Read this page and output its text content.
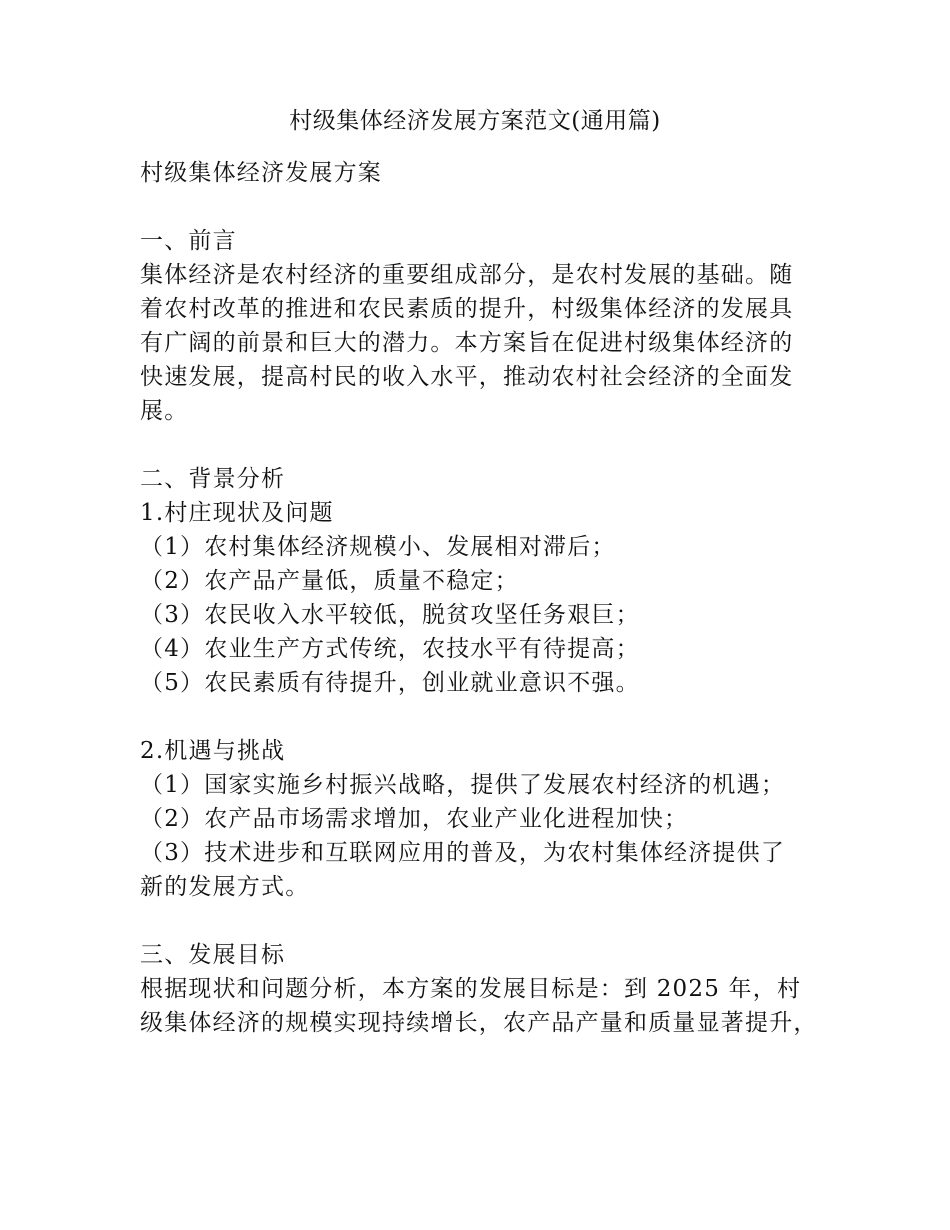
村级集体经济发展方案范文(通用篇)

村级集体经济发展方案

一、前言

集体经济是农村经济的重要组成部分，是农村发展的基础。随

着农村改革的推进和农民素质的提升，村级集体经济的发展具

有广阔的前景和巨大的潜力。本方案旨在促进村级集体经济的

快速发展，提高村民的收入水平，推动农村社会经济的全面发

展。

二、背景分析

1.村庄现状及问题

（1）农村集体经济规模小、发展相对滞后；

（2）农产品产量低，质量不稳定；

（3）农民收入水平较低，脱贫攻坚任务艰巨；

（4）农业生产方式传统，农技水平有待提高；

（5）农民素质有待提升，创业就业意识不强。

2.机遇与挑战

（1）国家实施乡村振兴战略，提供了发展农村经济的机遇；

（2）农产品市场需求增加，农业产业化进程加快；

（3）技术进步和互联网应用的普及，为农村集体经济提供了

新的发展方式。

三、发展目标

根据现状和问题分析，本方案的发展目标是：到 2025 年，村

级集体经济的规模实现持续增长，农产品产量和质量显著提升，
